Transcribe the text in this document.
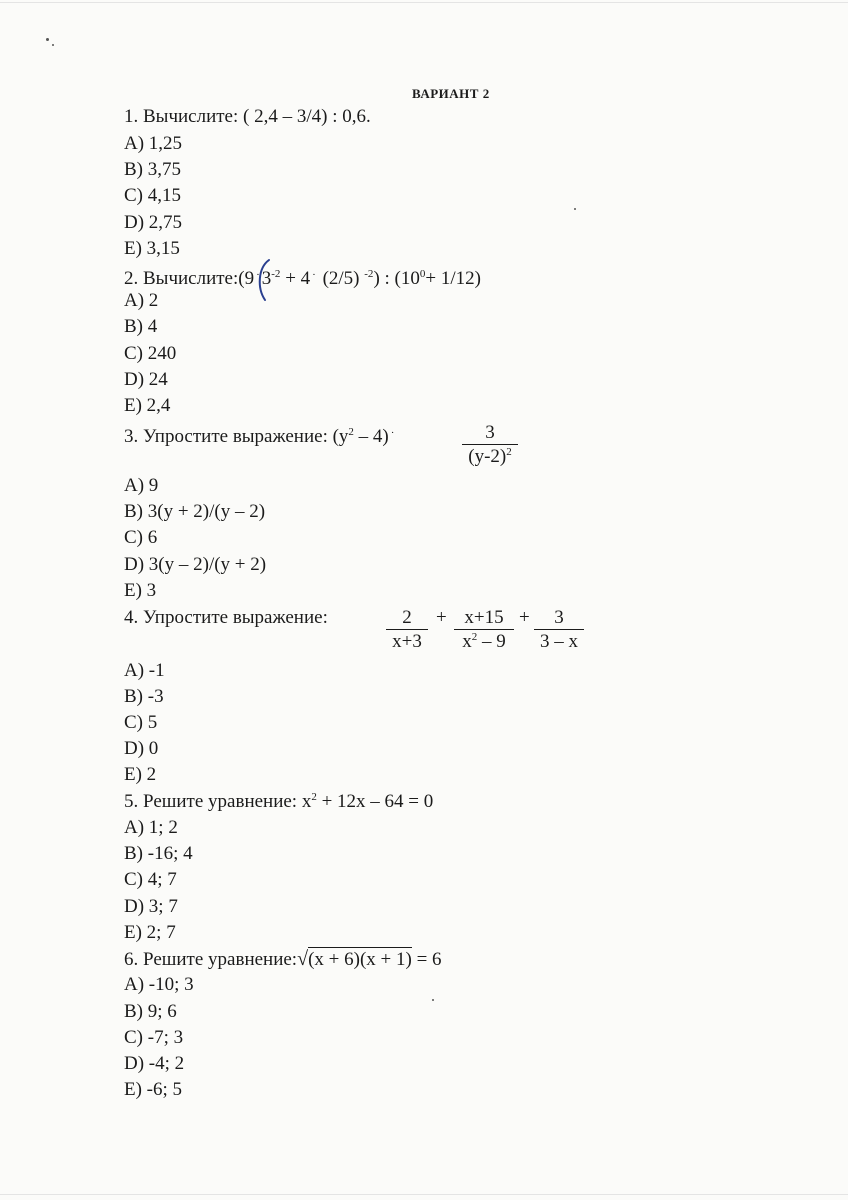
ВАРИАНТ 2
1. Вычислите: ( 2,4 – 3/4) : 0,6.
A) 1,25
B) 3,75
C) 4,15
D) 2,75
E) 3,15
2. Вычислите:(9 · $3^{-2} + 4$ · (2/5) $^{-2}$) : $(10^0+ 1/12)$
A) 2
B) 4
C) 240
D) 24
E) 2,4
3. Упростите выражение: $(у^2 - 4)$ ·	3
$(у-2)^2$
A) 9
B) 3(у + 2)/(у – 2)
C) 6
D) 3(у – 2)/(у + 2)
E) 3
4. Упростите выражение:	$\frac{2}{x+3} + \frac{x+15}{x^2 - 9} + \frac{3}{3 - x}$
A) -1
B) -3
C) 5
D) 0
E) 2
5. Решите уравнение: $x^2 + 12x - 64 = 0$
A) 1; 2
B) -16; 4
C) 4; 7
D) 3; 7
E) 2; 7
6. Решите уравнение:√(x + 6)(x + 1) = 6
A) -10; 3
B) 9; 6
C) -7; 3
D) -4; 2
E) -6; 5
